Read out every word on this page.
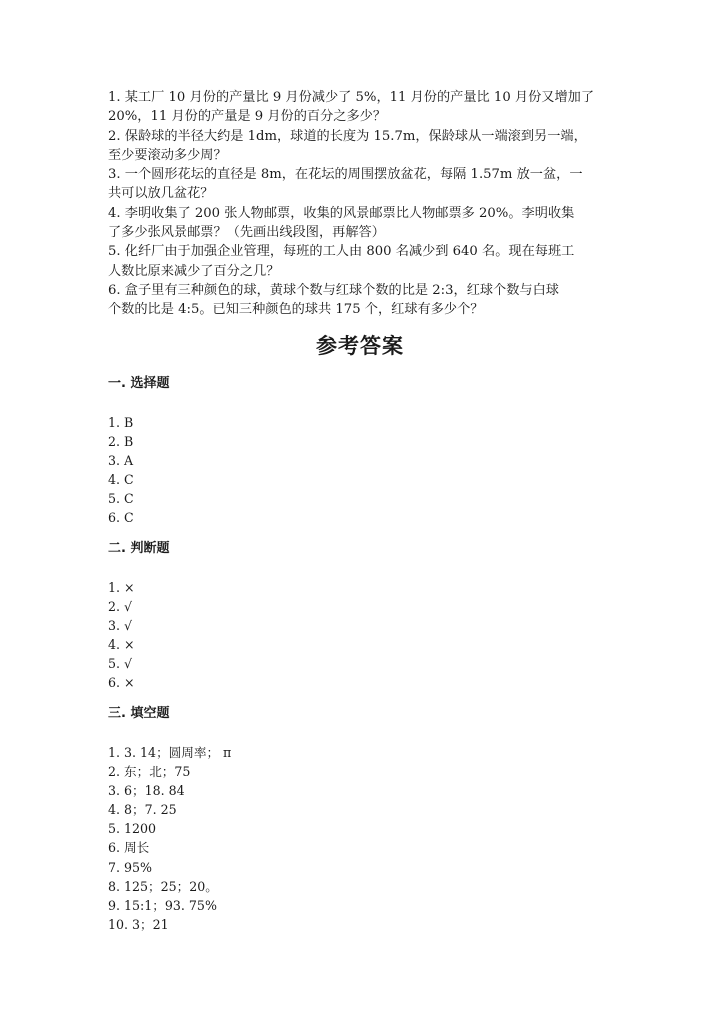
1. 某工厂 10 月份的产量比 9 月份减少了 5%，11 月份的产量比 10 月份又增加了
20%，11 月份的产量是 9 月份的百分之多少？

2. 保龄球的半径大约是 1dm，球道的长度为 15.7m，保龄球从一端滚到另一端，
至少要滚动多少周？

3. 一个圆形花坛的直径是 8m，在花坛的周围摆放盆花，每隔 1.57m 放一盆，一
共可以放几盆花？

4. 李明收集了 200 张人物邮票，收集的风景邮票比人物邮票多 20%。李明收集
了多少张风景邮票？（先画出线段图，再解答）

5. 化纤厂由于加强企业管理，每班的工人由 800 名减少到 640 名。现在每班工
人数比原来减少了百分之几？

6. 盒子里有三种颜色的球，黄球个数与红球个数的比是 2:3，红球个数与白球
个数的比是 4:5。已知三种颜色的球共 175 个，红球有多少个？

参考答案
一. 选择题
1. B
2. B
3. A
4. C
5. C
6. C
二. 判断题
1. ×
2. √
3. √
4. ×
5. √
6. ×
三. 填空题
1. 3. 14；圆周率； π
2. 东；北；75
3. 6；18. 84
4. 8；7. 25
5. 1200
6. 周长
7. 95%
8. 125；25；20。
9. 15:1；93. 75%
10. 3；21
